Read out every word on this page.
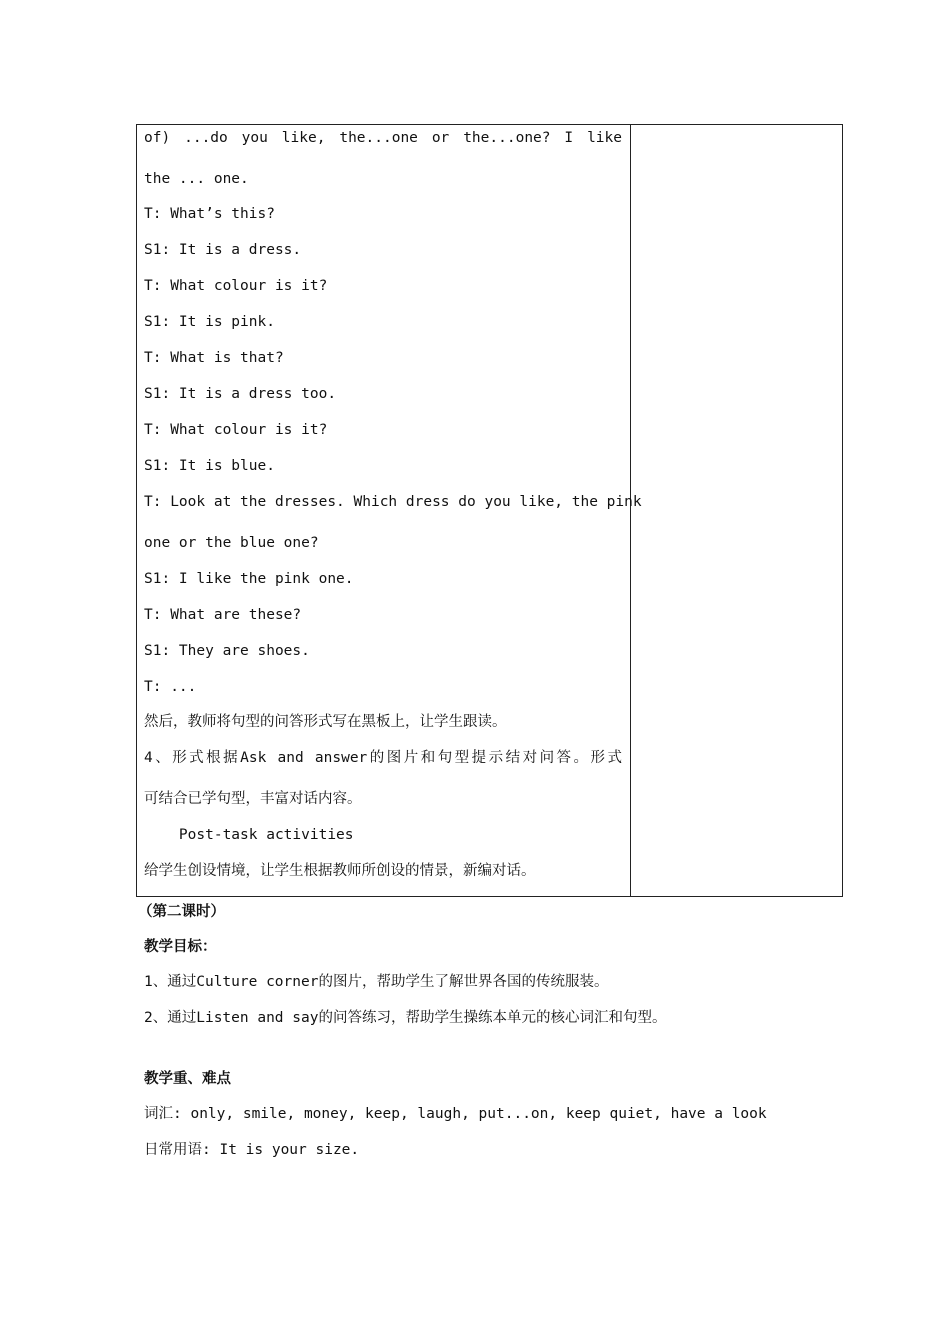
of) ...do you like, the...one or the...one? I like
the ... one.
T: What’s this?
S1: It is a dress.
T: What colour is it?
S1: It is pink.
T: What is that?
S1: It is a dress too.
T: What colour is it?
S1: It is blue.
T: Look at the dresses. Which dress do you like, the pink
one or the blue one?
S1: I like the pink one.
T: What are these?
S1: They are shoes.
T: ...
然后，教师将句型的问答形式写在黑板上，让学生跟读。
4、形式根据Ask and answer的图片和句型提示结对问答。形式
可结合已学句型，丰富对话内容。
Post-task activities
给学生创设情境，让学生根据教师所创设的情景，新编对话。
（第二课时）
教学目标：
1、通过Culture corner的图片，帮助学生了解世界各国的传统服装。
2、通过Listen and say的问答练习，帮助学生操练本单元的核心词汇和句型。
教学重、难点
词汇: only, smile, money, keep, laugh, put...on, keep quiet, have a look
日常用语: It is your size.
